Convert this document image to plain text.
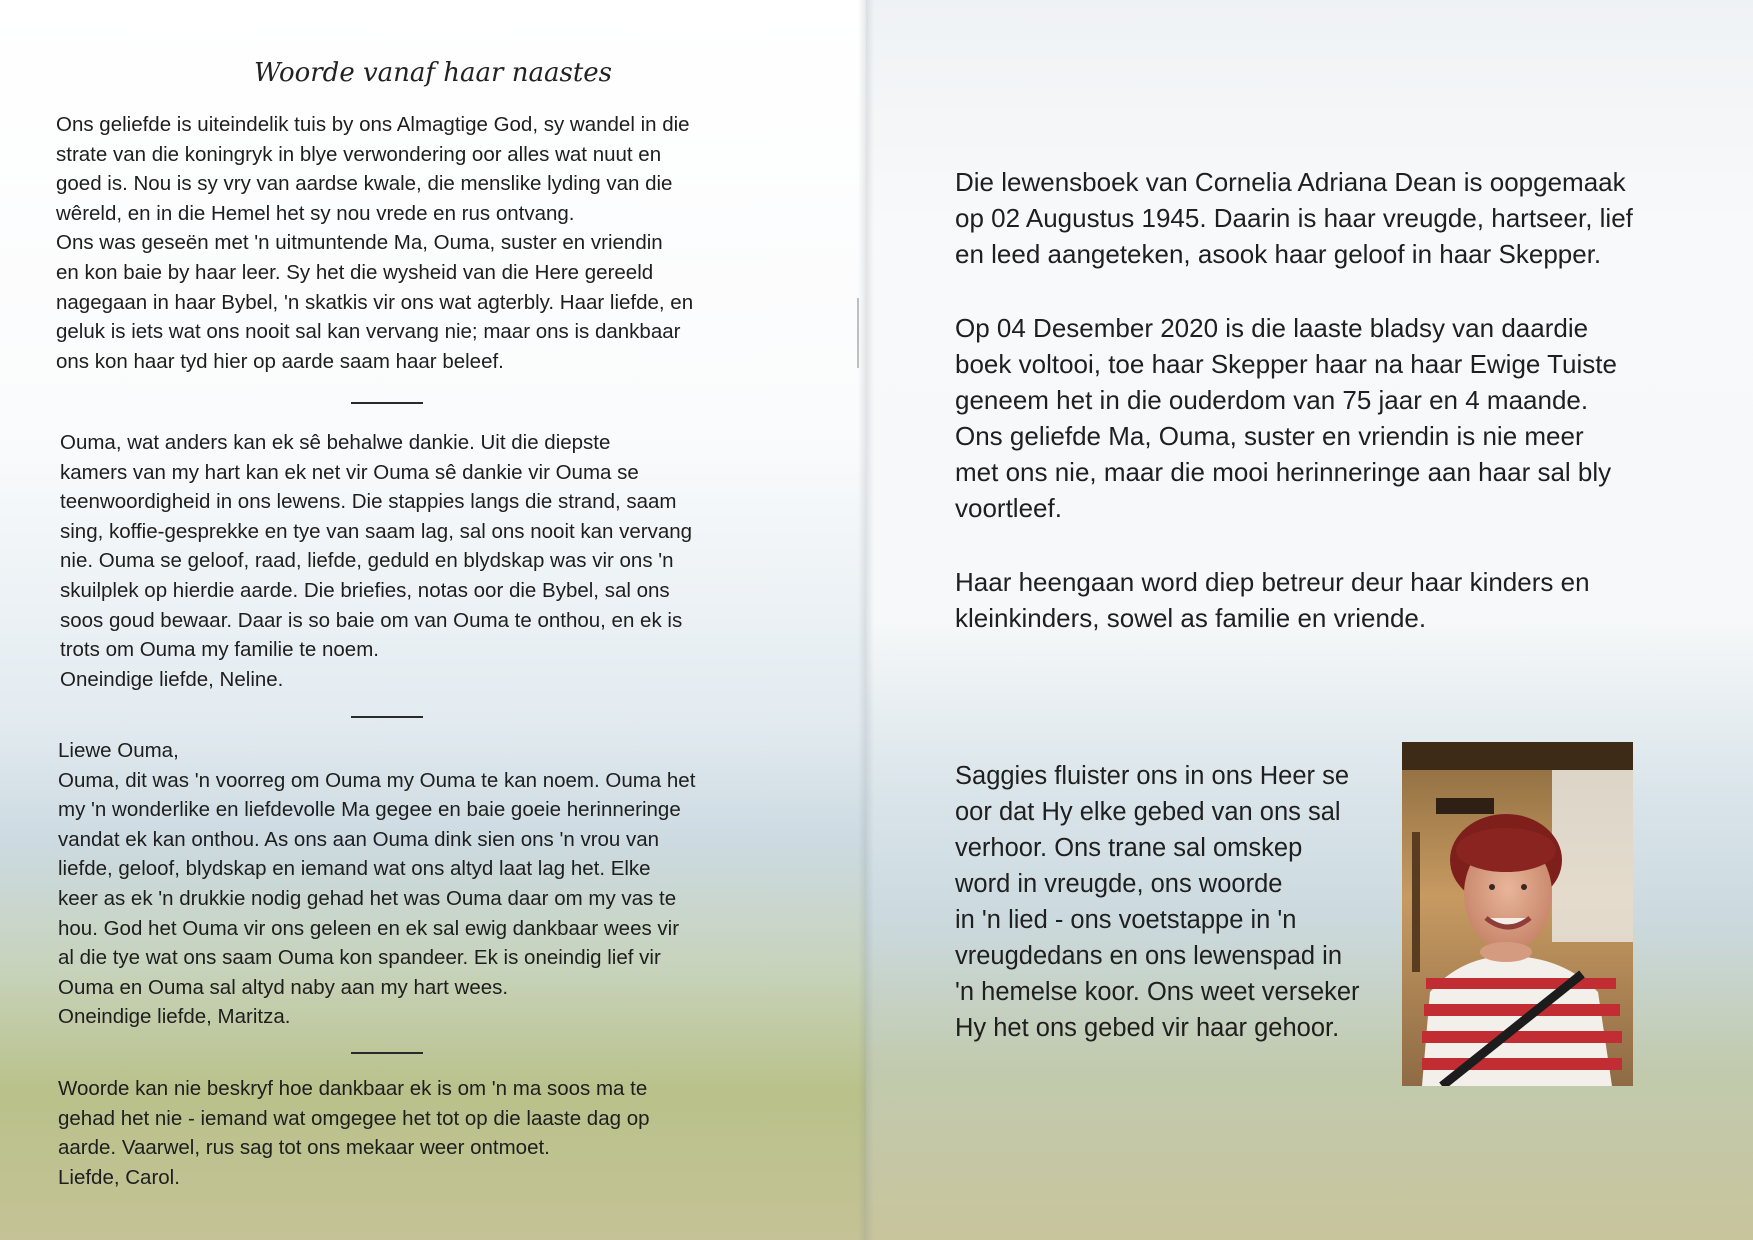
Woorde vanaf haar naastes
Ons geliefde is uiteindelik tuis by ons Almagtige God, sy wandel in die
strate van die koningryk in blye verwondering oor alles wat nuut en
goed is. Nou is sy vry van aardse kwale, die menslike lyding van die
wêreld, en in die Hemel het sy nou vrede en rus ontvang.
Ons was geseën met 'n uitmuntende Ma, Ouma, suster en vriendin
en kon baie by haar leer. Sy het die wysheid van die Here gereeld
nagegaan in haar Bybel, 'n skatkis vir ons wat agterbly. Haar liefde, en
geluk is iets wat ons nooit sal kan vervang nie; maar ons is dankbaar
ons kon haar tyd hier op aarde saam haar beleef.
Ouma, wat anders kan ek sê behalwe dankie. Uit die diepste
kamers van my hart kan ek net vir Ouma sê dankie vir Ouma se
teenwoordigheid in ons lewens. Die stappies langs die strand, saam
sing, koffie-gesprekke en tye van saam lag, sal ons nooit kan vervang
nie. Ouma se geloof, raad, liefde, geduld en blydskap was vir ons 'n
skuilplek op hierdie aarde. Die briefies, notas oor die Bybel, sal ons
soos goud bewaar. Daar is so baie om van Ouma te onthou, en ek is
trots om Ouma my familie te noem.
Oneindige liefde, Neline.
Liewe Ouma,
Ouma, dit was 'n voorreg om Ouma my Ouma te kan noem. Ouma het
my 'n wonderlike en liefdevolle Ma gegee en baie goeie herinneringe
vandat ek kan onthou. As ons aan Ouma dink sien ons 'n vrou van
liefde, geloof, blydskap en iemand wat ons altyd laat lag het. Elke
keer as ek 'n drukkie nodig gehad het was Ouma daar om my vas te
hou. God het Ouma vir ons geleen en ek sal ewig dankbaar wees vir
al die tye wat ons saam Ouma kon spandeer. Ek is oneindig lief vir
Ouma en Ouma sal altyd naby aan my hart wees.
Oneindige liefde, Maritza.
Woorde kan nie beskryf hoe dankbaar ek is om 'n ma soos ma te
gehad het nie - iemand wat omgegee het tot op die laaste dag op
aarde. Vaarwel, rus sag tot ons mekaar weer ontmoet.
Liefde, Carol.
Die lewensboek van Cornelia Adriana Dean is oopgemaak
op 02 Augustus 1945. Daarin is haar vreugde, hartseer, lief
en leed aangeteken, asook haar geloof in haar Skepper.
Op 04 Desember 2020 is die laaste bladsy van daardie
boek voltooi, toe haar Skepper haar na haar Ewige Tuiste
geneem het in die ouderdom van 75 jaar en 4 maande.
Ons geliefde Ma, Ouma, suster en vriendin is nie meer
met ons nie, maar die mooi herinneringe aan haar sal bly
voortleef.
Haar heengaan word diep betreur deur haar kinders en
kleinkinders, sowel as familie en vriende.
Saggies fluister ons in ons Heer se
oor dat Hy elke gebed van ons sal
verhoor. Ons trane sal omskep
word in vreugde, ons woorde
in 'n lied - ons voetstappe in 'n
vreugdedans en ons lewenspad in
'n hemelse koor. Ons weet verseker
Hy het ons gebed vir haar gehoor.
